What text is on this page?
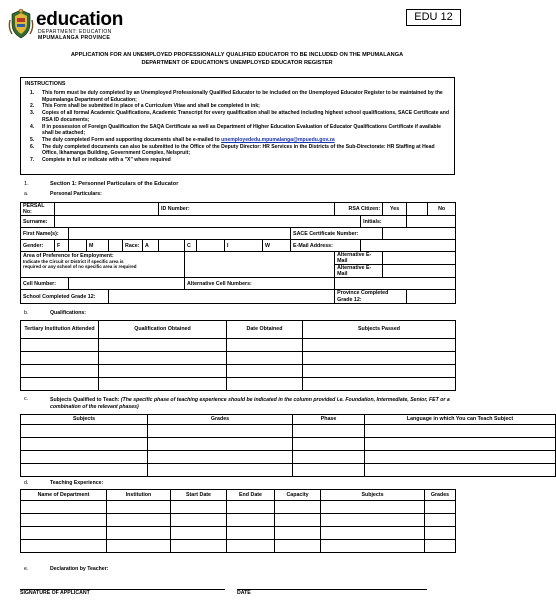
education
DEPARTMENT: EDUCATION
MPUMALANGA PROVINCE
EDU 12
APPLICATION FOR AN UNEMPLOYED PROFESSIONALLY QUALIFIED EDUCATOR TO BE INCLUDED ON THE MPUMALANGA
DEPARTMENT OF EDUCATION'S UNEMPLOYED EDUCATOR REGISTER
INSTRUCTIONS
1.	This form must be duly completed by an Unemployed Professionally Qualified Educator to be included on the Unemployed Educator Register to be maintained by the Mpumalanga Department of Education;
2.	This Form shall be submitted in place of a Curriculum Vitae and shall be completed in ink;
3.	Copies of all formal Academic Qualifications, Academic Transcript for every qualification shall be attached including highest school qualifications, SACE Certificate and RSA ID documents;
4.	If in possession of Foreign Qualification the SAQA Certificate as well as Department of Higher Education Evaluation of Educator Qualifications Certificate if available shall be attached;
5.	The duly completed Form and supporting documents shall be e-mailed to unemployededu.mpumalanga@mpuedu.gov.za
6.	The duly completed documents can also be submitted to the Office of the Deputy Director: HR Services in the Districts of the Sub-Directorate: HR Staffing at Head Office, Ikhamanga Building, Government Complex, Nelspruit;
7.	Complete in full or indicate with a "X" where required
1.	Section 1: Personnel Particulars of the Educator
a.	Personal Particulars:
PERSAL No:							ID Number:						RSA Citizen:		Yes		No
Surname:														Initials:			
First Name(s):												SACE Certificate Number:					
Gender:	F		M		Race:	A		C		I	W	E-Mail Address:					

Area of Preference for Employment:
Indicate the Circuit or District if specific area is
required or any school of no specific area is required													Alternative E-Mail				
													Alternative E-Mail				
Cell Number:								Alternative Cell Numbers:									
School Completed Grade 12:													Province Completed Grade 12:				
b.	Qualifications:
Tertiary Institution Attended	Qualification Obtained	Date Obtained	Subjects Passed

c.	Subjects Qualified to Teach: (The specific phase of teaching experience should be indicated in the column provided i.e. Foundation, Intermediate, Senior, FET or a combination of the relevant phases)
Subjects	Grades	Phase	Language in which You can Teach Subject

d.	Teaching Experience:
Name of Department	Institution	Start Date	End Date	Capacity	Subjects	Grades

e.	Declaration by Teacher:
SIGNATURE OF APPLICANT	DATE
